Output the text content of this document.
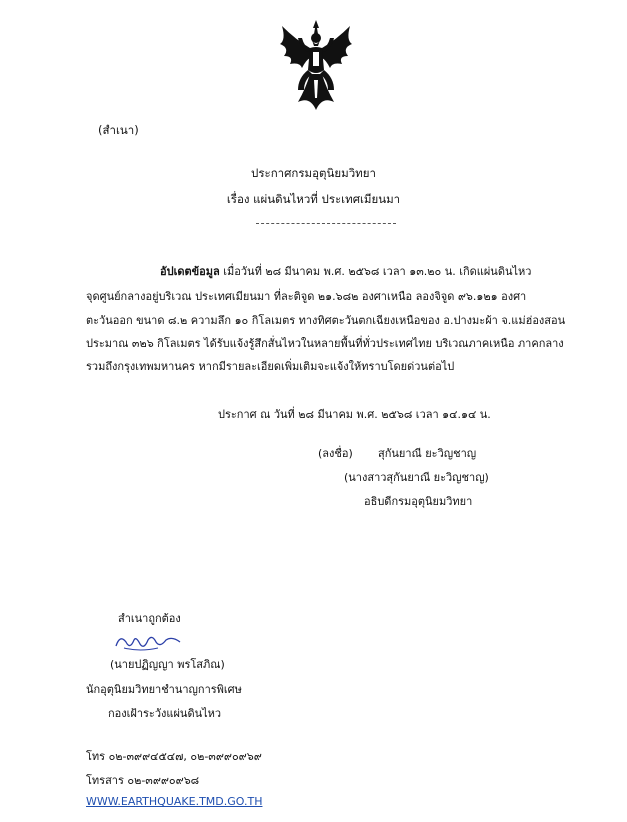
(สำเนา)
ประกาศกรมอุตุนิยมวิทยา
เรื่อง แผ่นดินไหวที่ ประเทศเมียนมา
อัปเดตข้อมูล เมื่อวันที่ ๒๘ มีนาคม พ.ศ. ๒๕๖๘ เวลา ๑๓.๒๐ น. เกิดแผ่นดินไหว
จุดศูนย์กลางอยู่บริเวณ ประเทศเมียนมา ที่ละติจูด ๒๑.๖๘๒ องศาเหนือ ลองจิจูด ๙๖.๑๒๑ องศา
ตะวันออก ขนาด ๘.๒ ความลึก ๑๐ กิโลเมตร ทางทิศตะวันตกเฉียงเหนือของ อ.ปางมะผ้า จ.แม่ฮ่องสอน
ประมาณ ๓๒๖ กิโลเมตร ได้รับแจ้งรู้สึกสั่นไหวในหลายพื้นที่ทั่วประเทศไทย บริเวณภาคเหนือ ภาคกลาง
รวมถึงกรุงเทพมหานคร หากมีรายละเอียดเพิ่มเติมจะแจ้งให้ทราบโดยด่วนต่อไป
ประกาศ ณ วันที่ ๒๘ มีนาคม พ.ศ. ๒๕๖๘ เวลา ๑๔.๑๔ น.
(ลงชื่อ) สุกันยาณี ยะวิญชาญ
(นางสาวสุกันยาณี ยะวิญชาญ)
อธิบดีกรมอุตุนิยมวิทยา
สำเนาถูกต้อง
(นายปฏิญญา พรโสภิณ)
นักอุตุนิยมวิทยาชำนาญการพิเศษ
กองเฝ้าระวังแผ่นดินไหว
โทร ๐๒-๓๙๙๔๕๔๗, ๐๒-๓๙๙๐๙๖๙
โทรสาร ๐๒-๓๙๙๐๙๖๘
WWW.EARTHQUAKE.TMD.GO.TH
